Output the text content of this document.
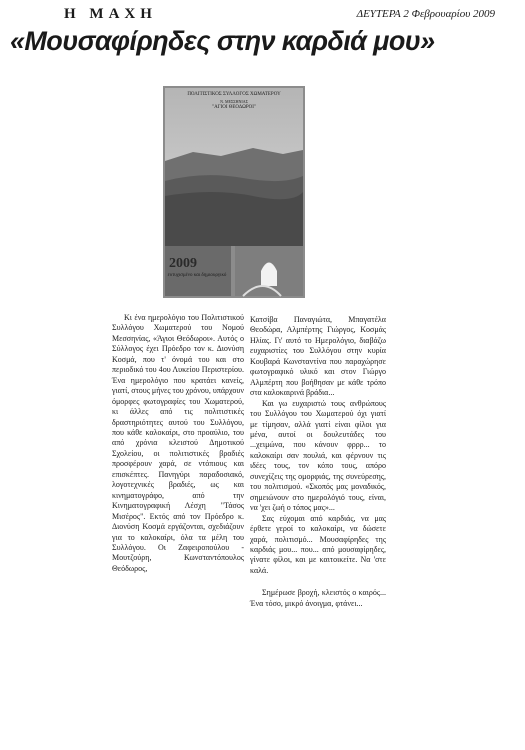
Η ΜΑΧΗ	ΔΕΥΤΕΡΑ 2 Φεβρουαρίου 2009
«Μουσαφίρηδες στην καρδιά μου»
ΠΟΛΙΤΙΣΤΙΚΟΣ ΣΥΛΛΟΓΟΣ ΧΩΜΑΤΕΡΟΥ
Ν. ΜΕΣΣΗΝΙΑΣ
"ΑΓΙΟΙ ΘΕΟΔΩΡΟΙ"
2009
ευτυχισμένο και δημιουργικό

Κι ένα ημερολόγιο του Πολιτιστικού Συλλόγου Χωματερού του Νομού Μεσσηνίας, «Άγιοι Θεόδωροι». Αυτός ο Σύλλογος έχει Πρόεδρο τον κ. Διονύση Κοσμά, που τ' όνομά του και στο περιοδικό του 4ου Λυκείου Περιστερίου. Ένα ημερολόγιο που κρατάει κανείς, γιατί, στους μήνες του χρόνου, υπάρχουν όμορφες φωτογραφίες του Χωματερού, κι άλλες από τις πολιτιστικές δραστηριότητες αυτού του Συλλόγου, που κάθε καλοκαίρι, στο προαύλιο, του από χρόνια κλειστού Δημοτικού Σχολείου, οι πολιτιστικές βραδιές προσφέρουν χαρά, σε ντόπιους και επισκέπτες. Πανηγύρι παραδοσιακό, λογοτεχνικές βραδιές, ως και κινηματογράφο, από την Κινηματογραφική Λέσχη "Τάσος Μισέρος". Εκτός από τον Πρόεδρο κ. Διονύση Κοσμά εργάζονται, σχεδιάζουν για το καλοκαίρι, όλα τα μέλη του Συλλόγου. Οι Ζαφειροπούλου - Μουτζούρη, Κωνσταντόπουλος Θεόδωρος,

Κατσίβα Παναγιώτα, Μπαγατέλα Θεοδώρα, Αλμπέρτης Γιώργος, Κοσμάς Ηλίας. Γι' αυτό το Ημερολόγιο, διαβάζω ευχαριστίες του Συλλόγου στην κυρία Κουβαρά Κωνσταντίνα που παραχώρησε φωτογραφικό υλικό και στον Γιώργο Αλμπέρτη που βοήθησαν με κάθε τρόπο στα καλοκαιρινά βράδια...

Και γω ευχαριστώ τους ανθρώπους του Συλλόγου του Χωματερού όχι γιατί με τίμησαν, αλλά γιατί είναι φίλοι για μένα, αυτοί οι δουλευτάδες του ...χειμώνα, που κάνουν φρρρ... το καλοκαίρι σαν πουλιά, και φέρνουν τις ιδέες τους, τον κόπο τους, απόρο συνεχίζεις της ομορφιάς, της συνεύρεσης, του πολιτισμού. «Σκοπός μας μοναδικός, σημειώνουν στο ημερολόγιό τους, είναι, να 'χει ζωή ο τόπος μας»...

Σας εύχομαι από καρδιάς, να μας έρθετε γεροί το καλοκαίρι, να δώσετε χαρά, πολιτισμό... Μουσαφίρηδες της καρδιάς μου... που... από μουσαφίρηδες, γίνατε φίλοι, και με καιτοικείτε. Να 'στε καλά.

Σημέρωσε βροχή, κλειστός ο καιρός... Ένα τόσο, μικρό άνοιγμα, φτάνει...
